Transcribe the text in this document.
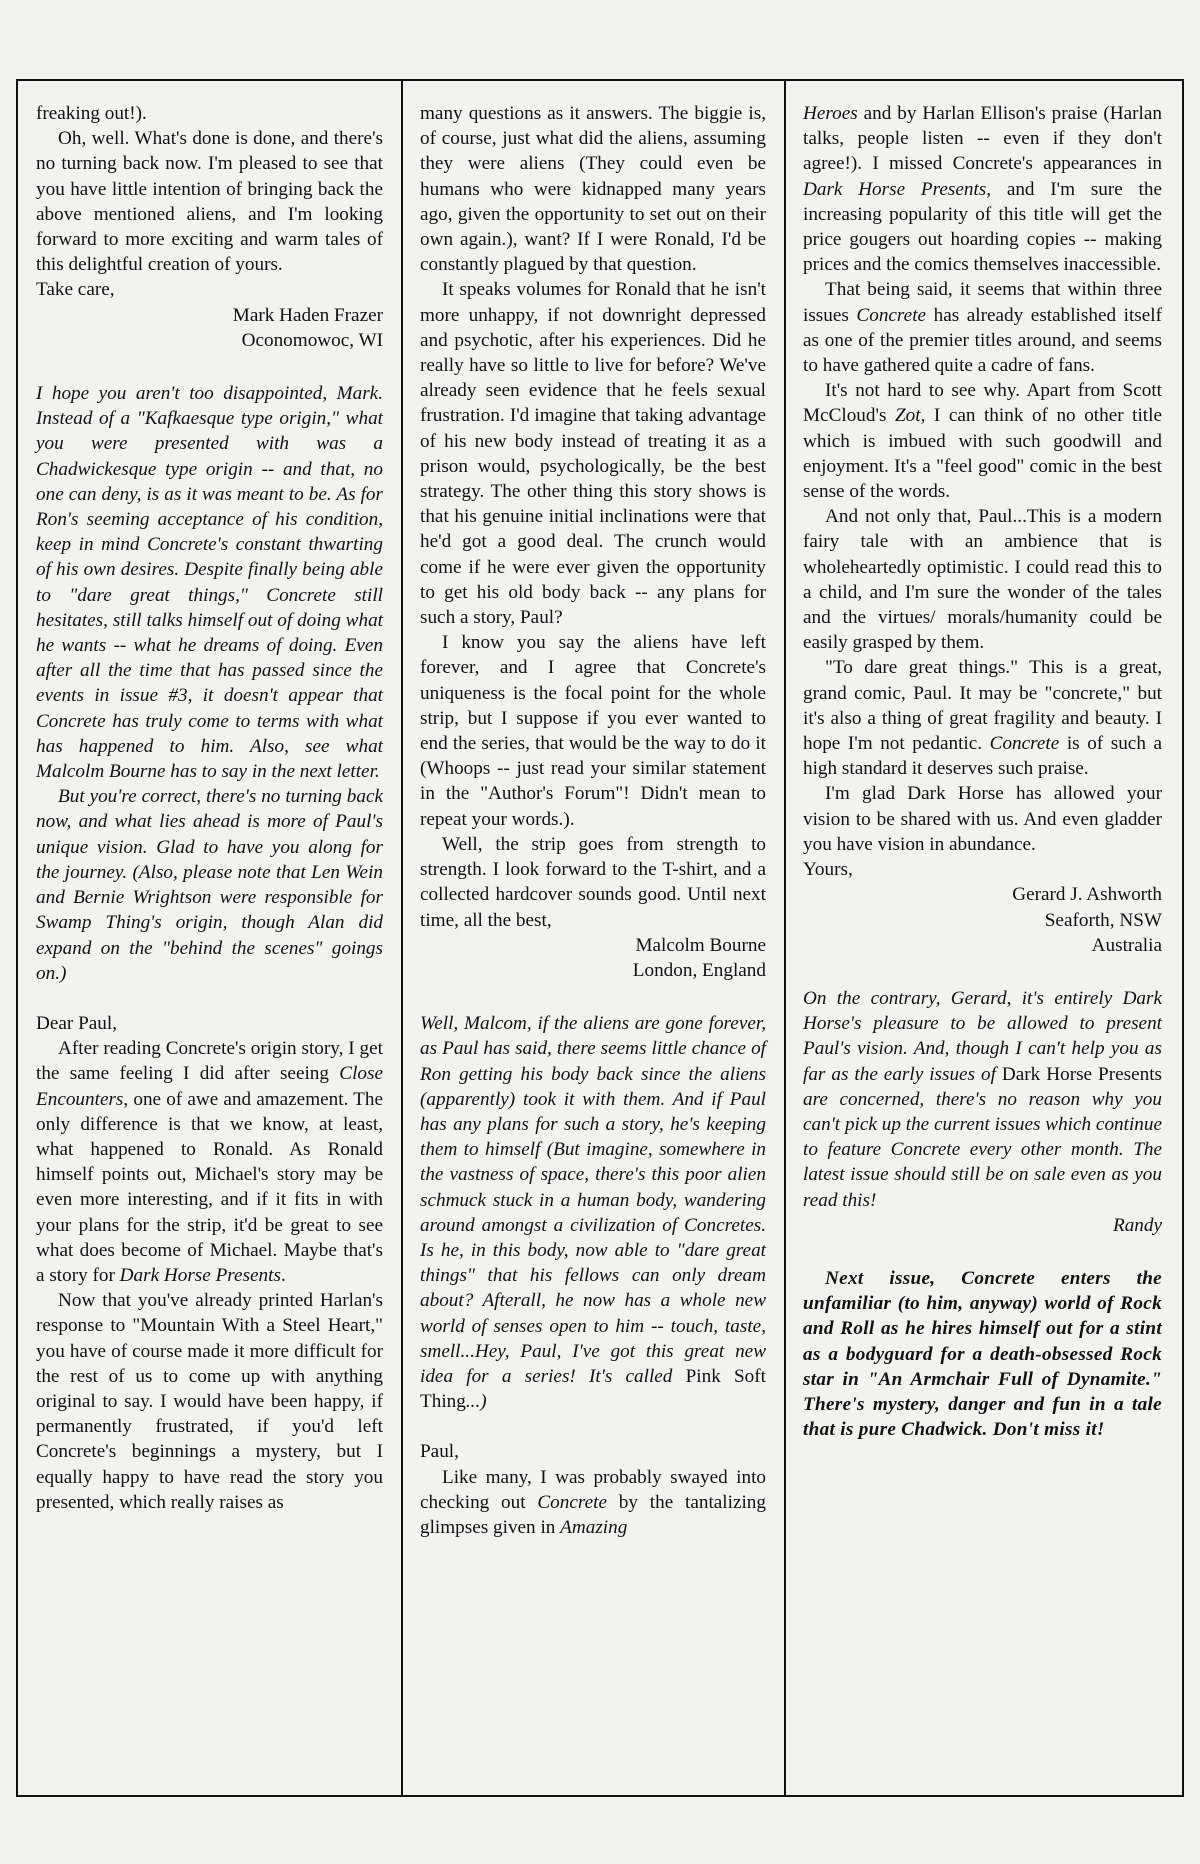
freaking out!).

Oh, well. What's done is done, and there's no turning back now. I'm pleased to see that you have little intention of bringing back the above mentioned aliens, and I'm looking forward to more exciting and warm tales of this delightful creation of yours.

Take care,

Mark Haden Frazer

Oconomowoc, WI

I hope you aren't too disappointed, Mark. Instead of a "Kafkaesque type origin," what you were presented with was a Chadwickesque type origin -- and that, no one can deny, is as it was meant to be. As for Ron's seeming acceptance of his condition, keep in mind Concrete's constant thwarting of his own desires. Despite finally being able to "dare great things," Concrete still hesitates, still talks himself out of doing what he wants -- what he dreams of doing. Even after all the time that has passed since the events in issue #3, it doesn't appear that Concrete has truly come to terms with what has happened to him. Also, see what Malcolm Bourne has to say in the next letter.

But you're correct, there's no turning back now, and what lies ahead is more of Paul's unique vision. Glad to have you along for the journey. (Also, please note that Len Wein and Bernie Wrightson were responsible for Swamp Thing's origin, though Alan did expand on the "behind the scenes" goings on.)

Dear Paul,

After reading Concrete's origin story, I get the same feeling I did after seeing Close Encounters, one of awe and amazement. The only difference is that we know, at least, what happened to Ronald. As Ronald himself points out, Michael's story may be even more interesting, and if it fits in with your plans for the strip, it'd be great to see what does become of Michael. Maybe that's a story for Dark Horse Presents.

Now that you've already printed Harlan's response to "Mountain With a Steel Heart," you have of course made it more difficult for the rest of us to come up with anything original to say. I would have been happy, if permanently frustrated, if you'd left Concrete's beginnings a mystery, but I equally happy to have read the story you presented, which really raises as

many questions as it answers. The biggie is, of course, just what did the aliens, assuming they were aliens (They could even be humans who were kidnapped many years ago, given the opportunity to set out on their own again.), want? If I were Ronald, I'd be constantly plagued by that question.

It speaks volumes for Ronald that he isn't more unhappy, if not downright depressed and psychotic, after his experiences. Did he really have so little to live for before? We've already seen evidence that he feels sexual frustration. I'd imagine that taking advantage of his new body instead of treating it as a prison would, psychologically, be the best strategy. The other thing this story shows is that his genuine initial inclinations were that he'd got a good deal. The crunch would come if he were ever given the opportunity to get his old body back -- any plans for such a story, Paul?

I know you say the aliens have left forever, and I agree that Concrete's uniqueness is the focal point for the whole strip, but I suppose if you ever wanted to end the series, that would be the way to do it (Whoops -- just read your similar statement in the "Author's Forum"! Didn't mean to repeat your words.).

Well, the strip goes from strength to strength. I look forward to the T-shirt, and a collected hardcover sounds good. Until next time, all the best,

Malcolm Bourne

London, England

Well, Malcom, if the aliens are gone forever, as Paul has said, there seems little chance of Ron getting his body back since the aliens (apparently) took it with them. And if Paul has any plans for such a story, he's keeping them to himself (But imagine, somewhere in the vastness of space, there's this poor alien schmuck stuck in a human body, wandering around amongst a civilization of Concretes. Is he, in this body, now able to "dare great things" that his fellows can only dream about? Afterall, he now has a whole new world of senses open to him -- touch, taste, smell...Hey, Paul, I've got this great new idea for a series! It's called Pink Soft Thing...)

Paul,

Like many, I was probably swayed into checking out Concrete by the tantalizing glimpses given in Amazing

Heroes and by Harlan Ellison's praise (Harlan talks, people listen -- even if they don't agree!). I missed Concrete's appearances in Dark Horse Presents, and I'm sure the increasing popularity of this title will get the price gougers out hoarding copies -- making prices and the comics themselves inaccessible.

That being said, it seems that within three issues Concrete has already established itself as one of the premier titles around, and seems to have gathered quite a cadre of fans.

It's not hard to see why. Apart from Scott McCloud's Zot, I can think of no other title which is imbued with such goodwill and enjoyment. It's a "feel good" comic in the best sense of the words.

And not only that, Paul...This is a modern fairy tale with an ambience that is wholeheartedly optimistic. I could read this to a child, and I'm sure the wonder of the tales and the virtues/ morals/humanity could be easily grasped by them.

"To dare great things." This is a great, grand comic, Paul. It may be "concrete," but it's also a thing of great fragility and beauty. I hope I'm not pedantic. Concrete is of such a high standard it deserves such praise.

I'm glad Dark Horse has allowed your vision to be shared with us. And even gladder you have vision in abundance.

Yours,

Gerard J. Ashworth

Seaforth, NSW

Australia

On the contrary, Gerard, it's entirely Dark Horse's pleasure to be allowed to present Paul's vision. And, though I can't help you as far as the early issues of Dark Horse Presents are concerned, there's no reason why you can't pick up the current issues which continue to feature Concrete every other month. The latest issue should still be on sale even as you read this!

Randy

Next issue, Concrete enters the unfamiliar (to him, anyway) world of Rock and Roll as he hires himself out for a stint as a bodyguard for a death-obsessed Rock star in "An Armchair Full of Dynamite." There's mystery, danger and fun in a tale that is pure Chadwick. Don't miss it!
